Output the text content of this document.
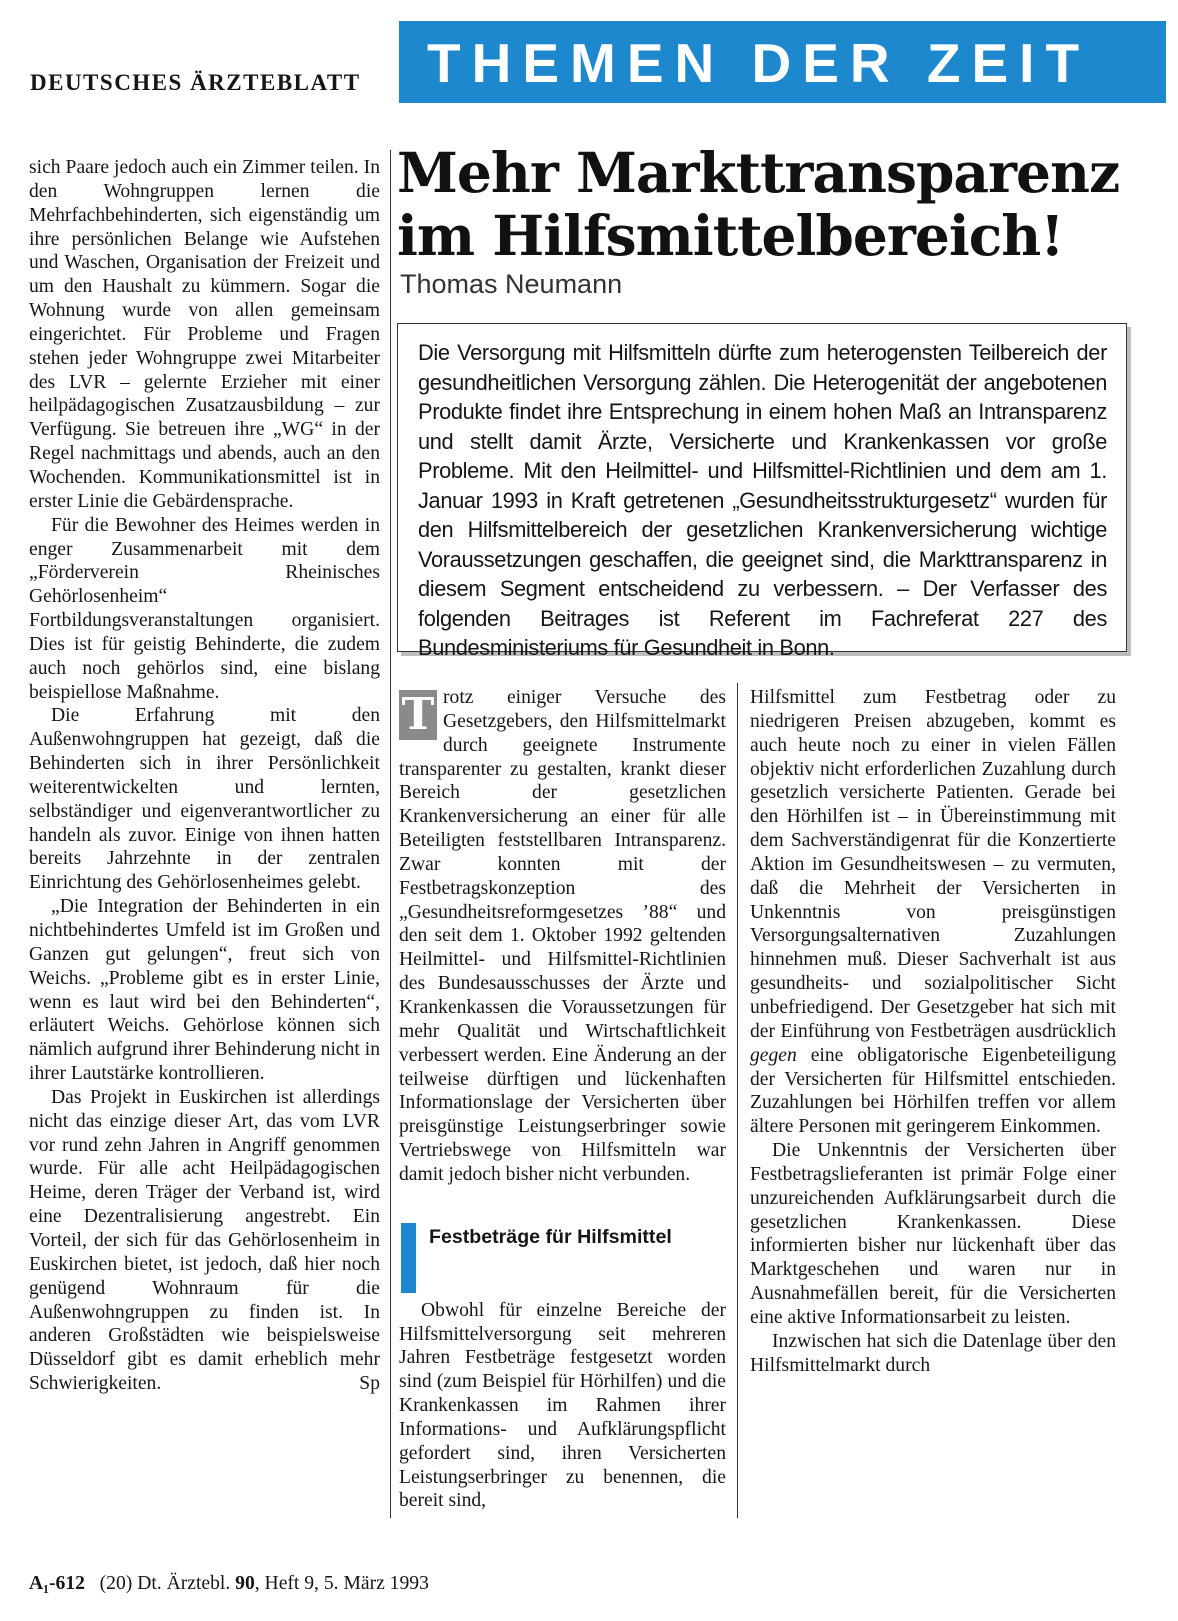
DEUTSCHES ÄRZTEBLATT	THEMEN DER ZEIT

sich Paare jedoch auch ein Zimmer teilen. In den Wohngruppen lernen die Mehrfachbehinderten, sich eigenständig um ihre persönlichen Belange wie Aufstehen und Waschen, Organisation der Freizeit und um den Haushalt zu kümmern. Sogar die Wohnung wurde von allen gemeinsam eingerichtet. Für Probleme und Fragen stehen jeder Wohngruppe zwei Mitarbeiter des LVR – gelernte Erzieher mit einer heilpädagogischen Zusatzausbildung – zur Verfügung. Sie betreuen ihre „WG“ in der Regel nachmittags und abends, auch an den Wochenden. Kommunikationsmittel ist in erster Linie die Gebärdensprache.

Für die Bewohner des Heimes werden in enger Zusammenarbeit mit dem „Förderverein Rheinisches Gehörlosenheim“ Fortbildungsveranstaltungen organisiert. Dies ist für geistig Behinderte, die zudem auch noch gehörlos sind, eine bislang beispiellose Maßnahme.

Die Erfahrung mit den Außenwohngruppen hat gezeigt, daß die Behinderten sich in ihrer Persönlichkeit weiterentwickelten und lernten, selbständiger und eigenverantwortlicher zu handeln als zuvor. Einige von ihnen hatten bereits Jahrzehnte in der zentralen Einrichtung des Gehörlosenheimes gelebt.

„Die Integration der Behinderten in ein nichtbehindertes Umfeld ist im Großen und Ganzen gut gelungen“, freut sich von Weichs. „Probleme gibt es in erster Linie, wenn es laut wird bei den Behinderten“, erläutert Weichs. Gehörlose können sich nämlich aufgrund ihrer Behinderung nicht in ihrer Lautstärke kontrollieren.

Das Projekt in Euskirchen ist allerdings nicht das einzige dieser Art, das vom LVR vor rund zehn Jahren in Angriff genommen wurde. Für alle acht Heilpädagogischen Heime, deren Träger der Verband ist, wird eine Dezentralisierung angestrebt. Ein Vorteil, der sich für das Gehörlosenheim in Euskirchen bietet, ist jedoch, daß hier noch genügend Wohnraum für die Außenwohngruppen zu finden ist. In anderen Großstädten wie beispielsweise Düsseldorf gibt es damit erheblich mehr Schwierigkeiten.	Sp

Mehr Markttransparenz im Hilfsmittelbereich!
Thomas Neumann

Die Versorgung mit Hilfsmitteln dürfte zum heterogensten Teilbereich der gesundheitlichen Versorgung zählen. Die Heterogenität der angebotenen Produkte findet ihre Entsprechung in einem hohen Maß an Intransparenz und stellt damit Ärzte, Versicherte und Krankenkassen vor große Probleme. Mit den Heilmittel- und Hilfsmittel-Richtlinien und dem am 1. Januar 1993 in Kraft getretenen „Gesundheitsstrukturgesetz“ wurden für den Hilfsmittelbereich der gesetzlichen Krankenversicherung wichtige Voraussetzungen geschaffen, die geeignet sind, die Markttransparenz in diesem Segment entscheidend zu verbessern. – Der Verfasser des folgenden Beitrages ist Referent im Fachreferat 227 des Bundesministeriums für Gesundheit in Bonn.

T rotz einiger Versuche des Gesetzgebers, den Hilfsmittelmarkt durch geeignete Instrumente transparenter zu gestalten, krankt dieser Bereich der gesetzlichen Krankenversicherung an einer für alle Beteiligten feststellbaren Intransparenz. Zwar konnten mit der Festbetragskonzeption des „Gesundheitsreformgesetzes ’88“ und den seit dem 1. Oktober 1992 geltenden Heilmittel- und Hilfsmittel-Richtlinien des Bundesausschusses der Ärzte und Krankenkassen die Voraussetzungen für mehr Qualität und Wirtschaftlichkeit verbessert werden. Eine Änderung an der teilweise dürftigen und lückenhaften Informationslage der Versicherten über preisgünstige Leistungserbringer sowie Vertriebswege von Hilfsmitteln war damit jedoch bisher nicht verbunden.

Festbeträge für Hilfsmittel

Obwohl für einzelne Bereiche der Hilfsmittelversorgung seit mehreren Jahren Festbeträge festgesetzt worden sind (zum Beispiel für Hörhilfen) und die Krankenkassen im Rahmen ihrer Informations- und Aufklärungspflicht gefordert sind, ihren Versicherten Leistungserbringer zu benennen, die bereit sind,

Hilfsmittel zum Festbetrag oder zu niedrigeren Preisen abzugeben, kommt es auch heute noch zu einer in vielen Fällen objektiv nicht erforderlichen Zuzahlung durch gesetzlich versicherte Patienten. Gerade bei den Hörhilfen ist – in Übereinstimmung mit dem Sachverständigenrat für die Konzertierte Aktion im Gesundheitswesen – zu vermuten, daß die Mehrheit der Versicherten in Unkenntnis von preisgünstigen Versorgungsalternativen Zuzahlungen hinnehmen muß. Dieser Sachverhalt ist aus gesundheits- und sozialpolitischer Sicht unbefriedigend. Der Gesetzgeber hat sich mit der Einführung von Festbeträgen ausdrücklich gegen eine obligatorische Eigenbeteiligung der Versicherten für Hilfsmittel entschieden. Zuzahlungen bei Hörhilfen treffen vor allem ältere Personen mit geringerem Einkommen.

Die Unkenntnis der Versicherten über Festbetragslieferanten ist primär Folge einer unzureichenden Aufklärungsarbeit durch die gesetzlichen Krankenkassen. Diese informierten bisher nur lückenhaft über das Marktgeschehen und waren nur in Ausnahmefällen bereit, für die Versicherten eine aktive Informationsarbeit zu leisten.

Inzwischen hat sich die Datenlage über den Hilfsmittelmarkt durch

A₁-612 (20) Dt. Ärztebl. 90, Heft 9, 5. März 1993
